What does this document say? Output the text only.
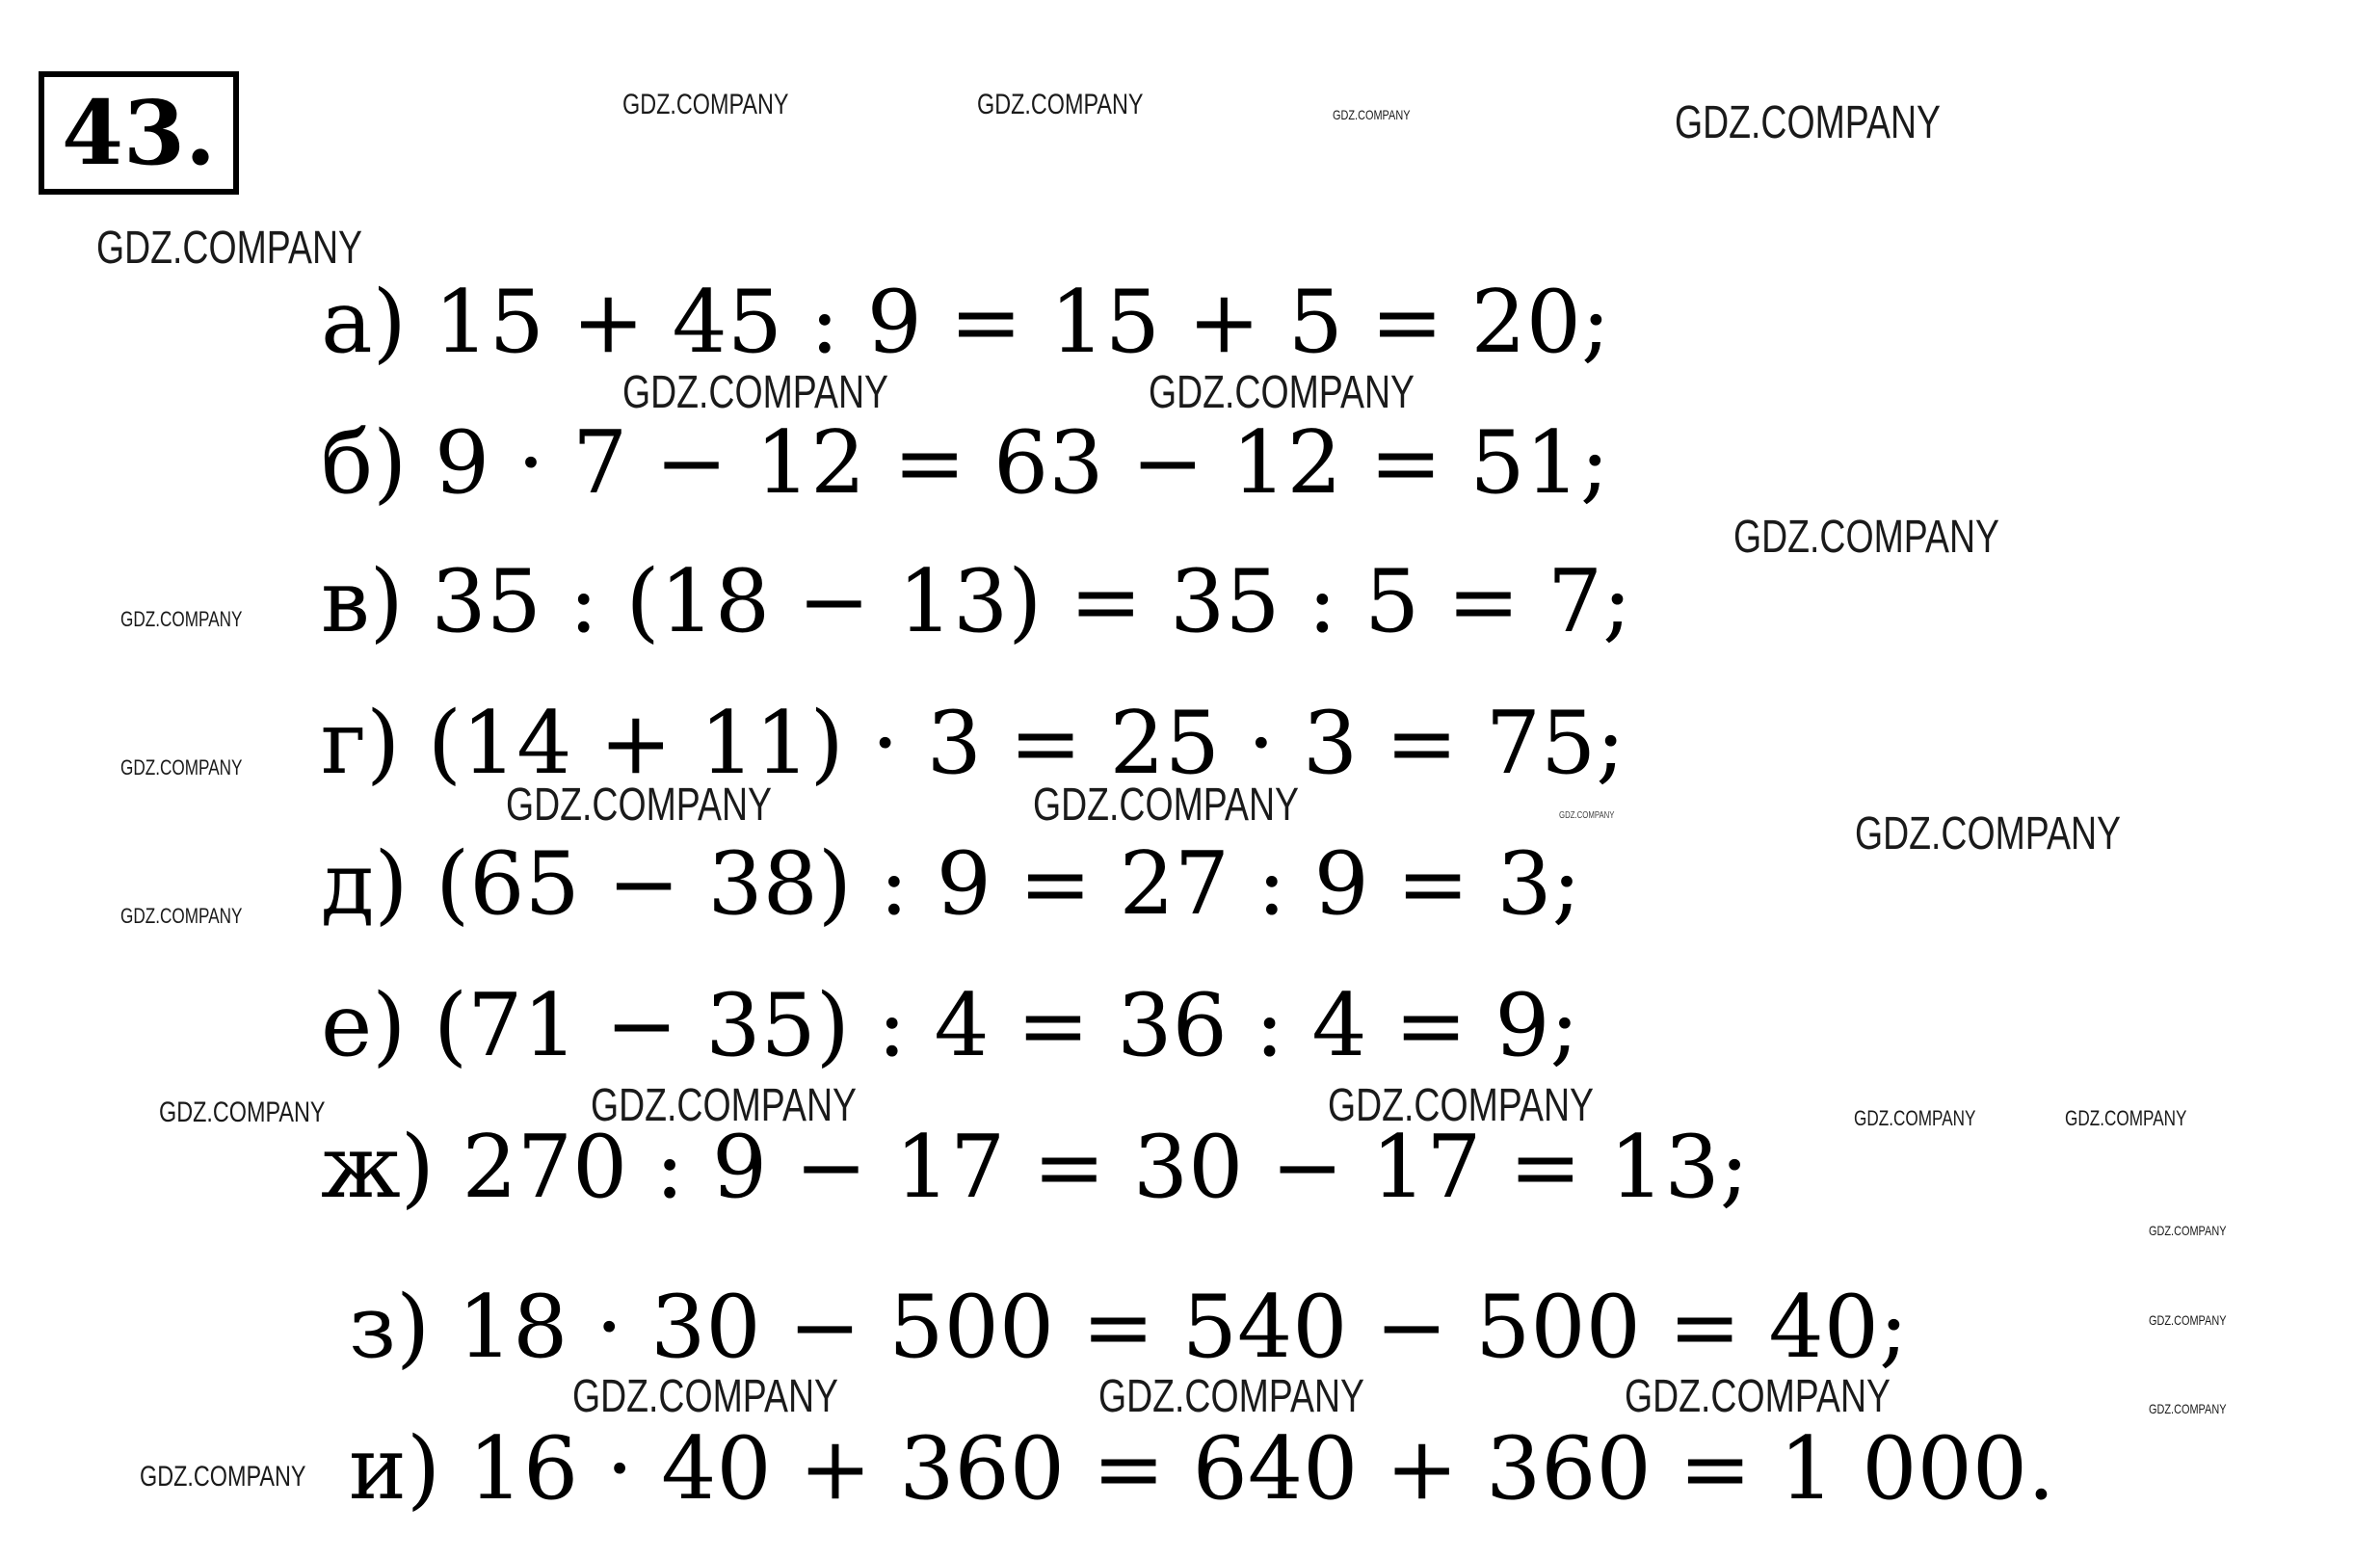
43.
а) 15 + 45 : 9 = 15 + 5 = 20;
б) 9 · 7 − 12 = 63 − 12 = 51;
в) 35 : (18 − 13) = 35 : 5 = 7;
г) (14 + 11) · 3 = 25 · 3 = 75;
д) (65 − 38) : 9 = 27 : 9 = 3;
е) (71 − 35) : 4 = 36 : 4 = 9;
ж) 270 : 9 − 17 = 30 − 17 = 13;
з) 18 · 30 − 500 = 540 − 500 = 40;
и) 16 · 40 + 360 = 640 + 360 = 1 000.
GDZ.COMPANY	GDZ.COMPANY	GDZ.COMPANY	GDZ.COMPANY
GDZ.COMPANY
GDZ.COMPANY	GDZ.COMPANY
GDZ.COMPANY
GDZ.COMPANY
GDZ.COMPANY
GDZ.COMPANY	GDZ.COMPANY	GDZ.COMPANY	GDZ.COMPANY
GDZ.COMPANY
GDZ.COMPANY	GDZ.COMPANY	GDZ.COMPANY	GDZ.COMPANY	GDZ.COMPANY
GDZ.COMPANY
GDZ.COMPANY
GDZ.COMPANY
GDZ.COMPANY	GDZ.COMPANY	GDZ.COMPANY
GDZ.COMPANY
